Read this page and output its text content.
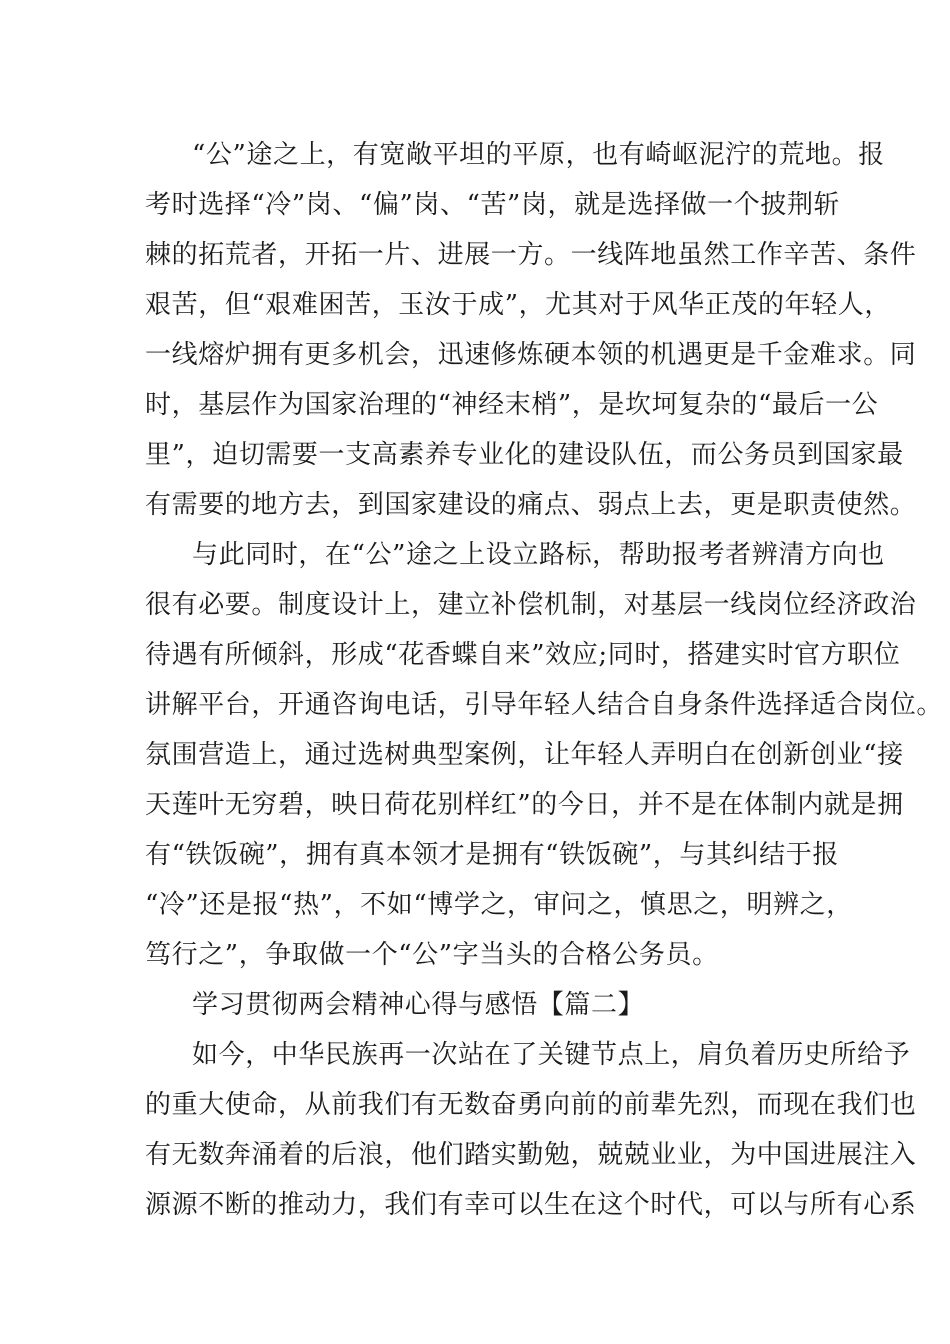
“公”途之上，有宽敞平坦的平原，也有崎岖泥泞的荒地。报
考时选择“冷”岗、“偏”岗、“苦”岗，就是选择做一个披荆斩
棘的拓荒者，开拓一片、进展一方。一线阵地虽然工作辛苦、条件
艰苦，但“艰难困苦，玉汝于成”，尤其对于风华正茂的年轻人，
一线熔炉拥有更多机会，迅速修炼硬本领的机遇更是千金难求。同
时，基层作为国家治理的“神经末梢”，是坎坷复杂的“最后一公
里”，迫切需要一支高素养专业化的建设队伍，而公务员到国家最
有需要的地方去，到国家建设的痛点、弱点上去，更是职责使然。
与此同时，在“公”途之上设立路标，帮助报考者辨清方向也
很有必要。制度设计上，建立补偿机制，对基层一线岗位经济政治
待遇有所倾斜，形成“花香蝶自来”效应;同时，搭建实时官方职位
讲解平台，开通咨询电话，引导年轻人结合自身条件选择适合岗位。
氛围营造上，通过选树典型案例，让年轻人弄明白在创新创业“接
天莲叶无穷碧，映日荷花别样红”的今日，并不是在体制内就是拥
有“铁饭碗”，拥有真本领才是拥有“铁饭碗”，与其纠结于报
“冷”还是报“热”，不如“博学之，审问之，慎思之，明辨之，
笃行之”，争取做一个“公”字当头的合格公务员。
学习贯彻两会精神心得与感悟【篇二】
如今，中华民族再一次站在了关键节点上，肩负着历史所给予
的重大使命，从前我们有无数奋勇向前的前辈先烈，而现在我们也
有无数奔涌着的后浪，他们踏实勤勉，兢兢业业，为中国进展注入
源源不断的推动力，我们有幸可以生在这个时代，可以与所有心系
